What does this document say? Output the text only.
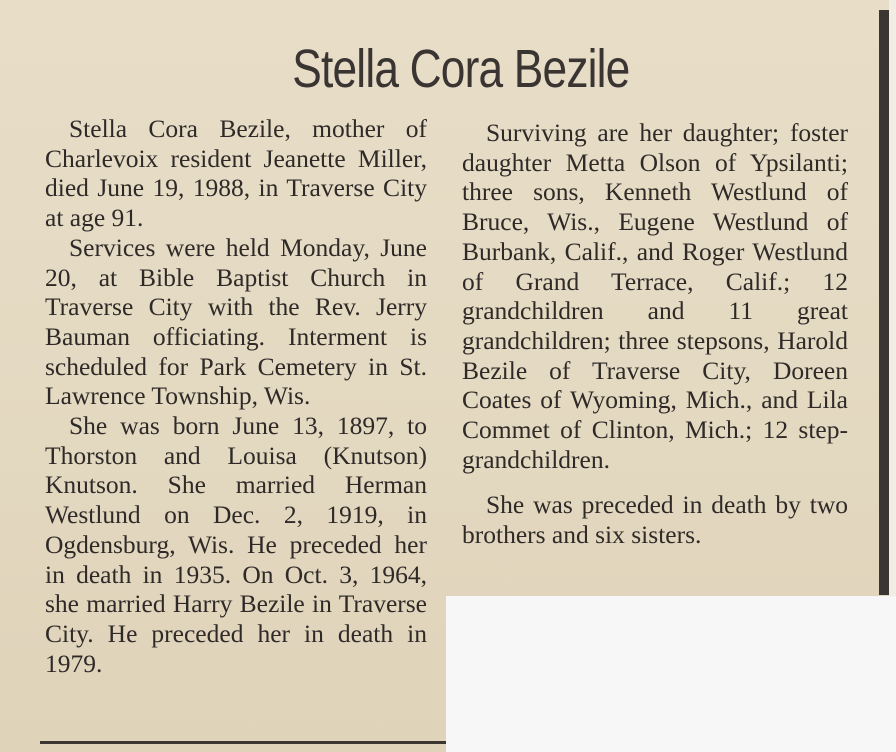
Stella Cora Bezile

Stella Cora Bezile, mother of Charlevoix resident Jeanette Miller, died June 19, 1988, in Traverse City at age 91.

Services were held Monday, June 20, at Bible Baptist Church in Traverse City with the Rev. Jerry Bauman officiating. Interment is scheduled for Park Cemetery in St. Lawrence Township, Wis.

She was born June 13, 1897, to Thorston and Louisa (Knutson) Knutson. She married Herman Westlund on Dec. 2, 1919, in Ogdensburg, Wis. He preceded her in death in 1935. On Oct. 3, 1964, she married Harry Bezile in Traverse City. He preceded her in death in 1979.

Surviving are her daughter; foster daughter Metta Olson of Ypsilanti; three sons, Kenneth Westlund of Bruce, Wis., Eugene Westlund of Burbank, Calif., and Roger Westlund of Grand Terrace, Calif.; 12 grandchildren and 11 great grandchildren; three stepsons, Harold Bezile of Traverse City, Doreen Coates of Wyoming, Mich., and Lila Commet of Clinton, Mich.; 12 step-grandchildren.

She was preceded in death by two brothers and six sisters.
